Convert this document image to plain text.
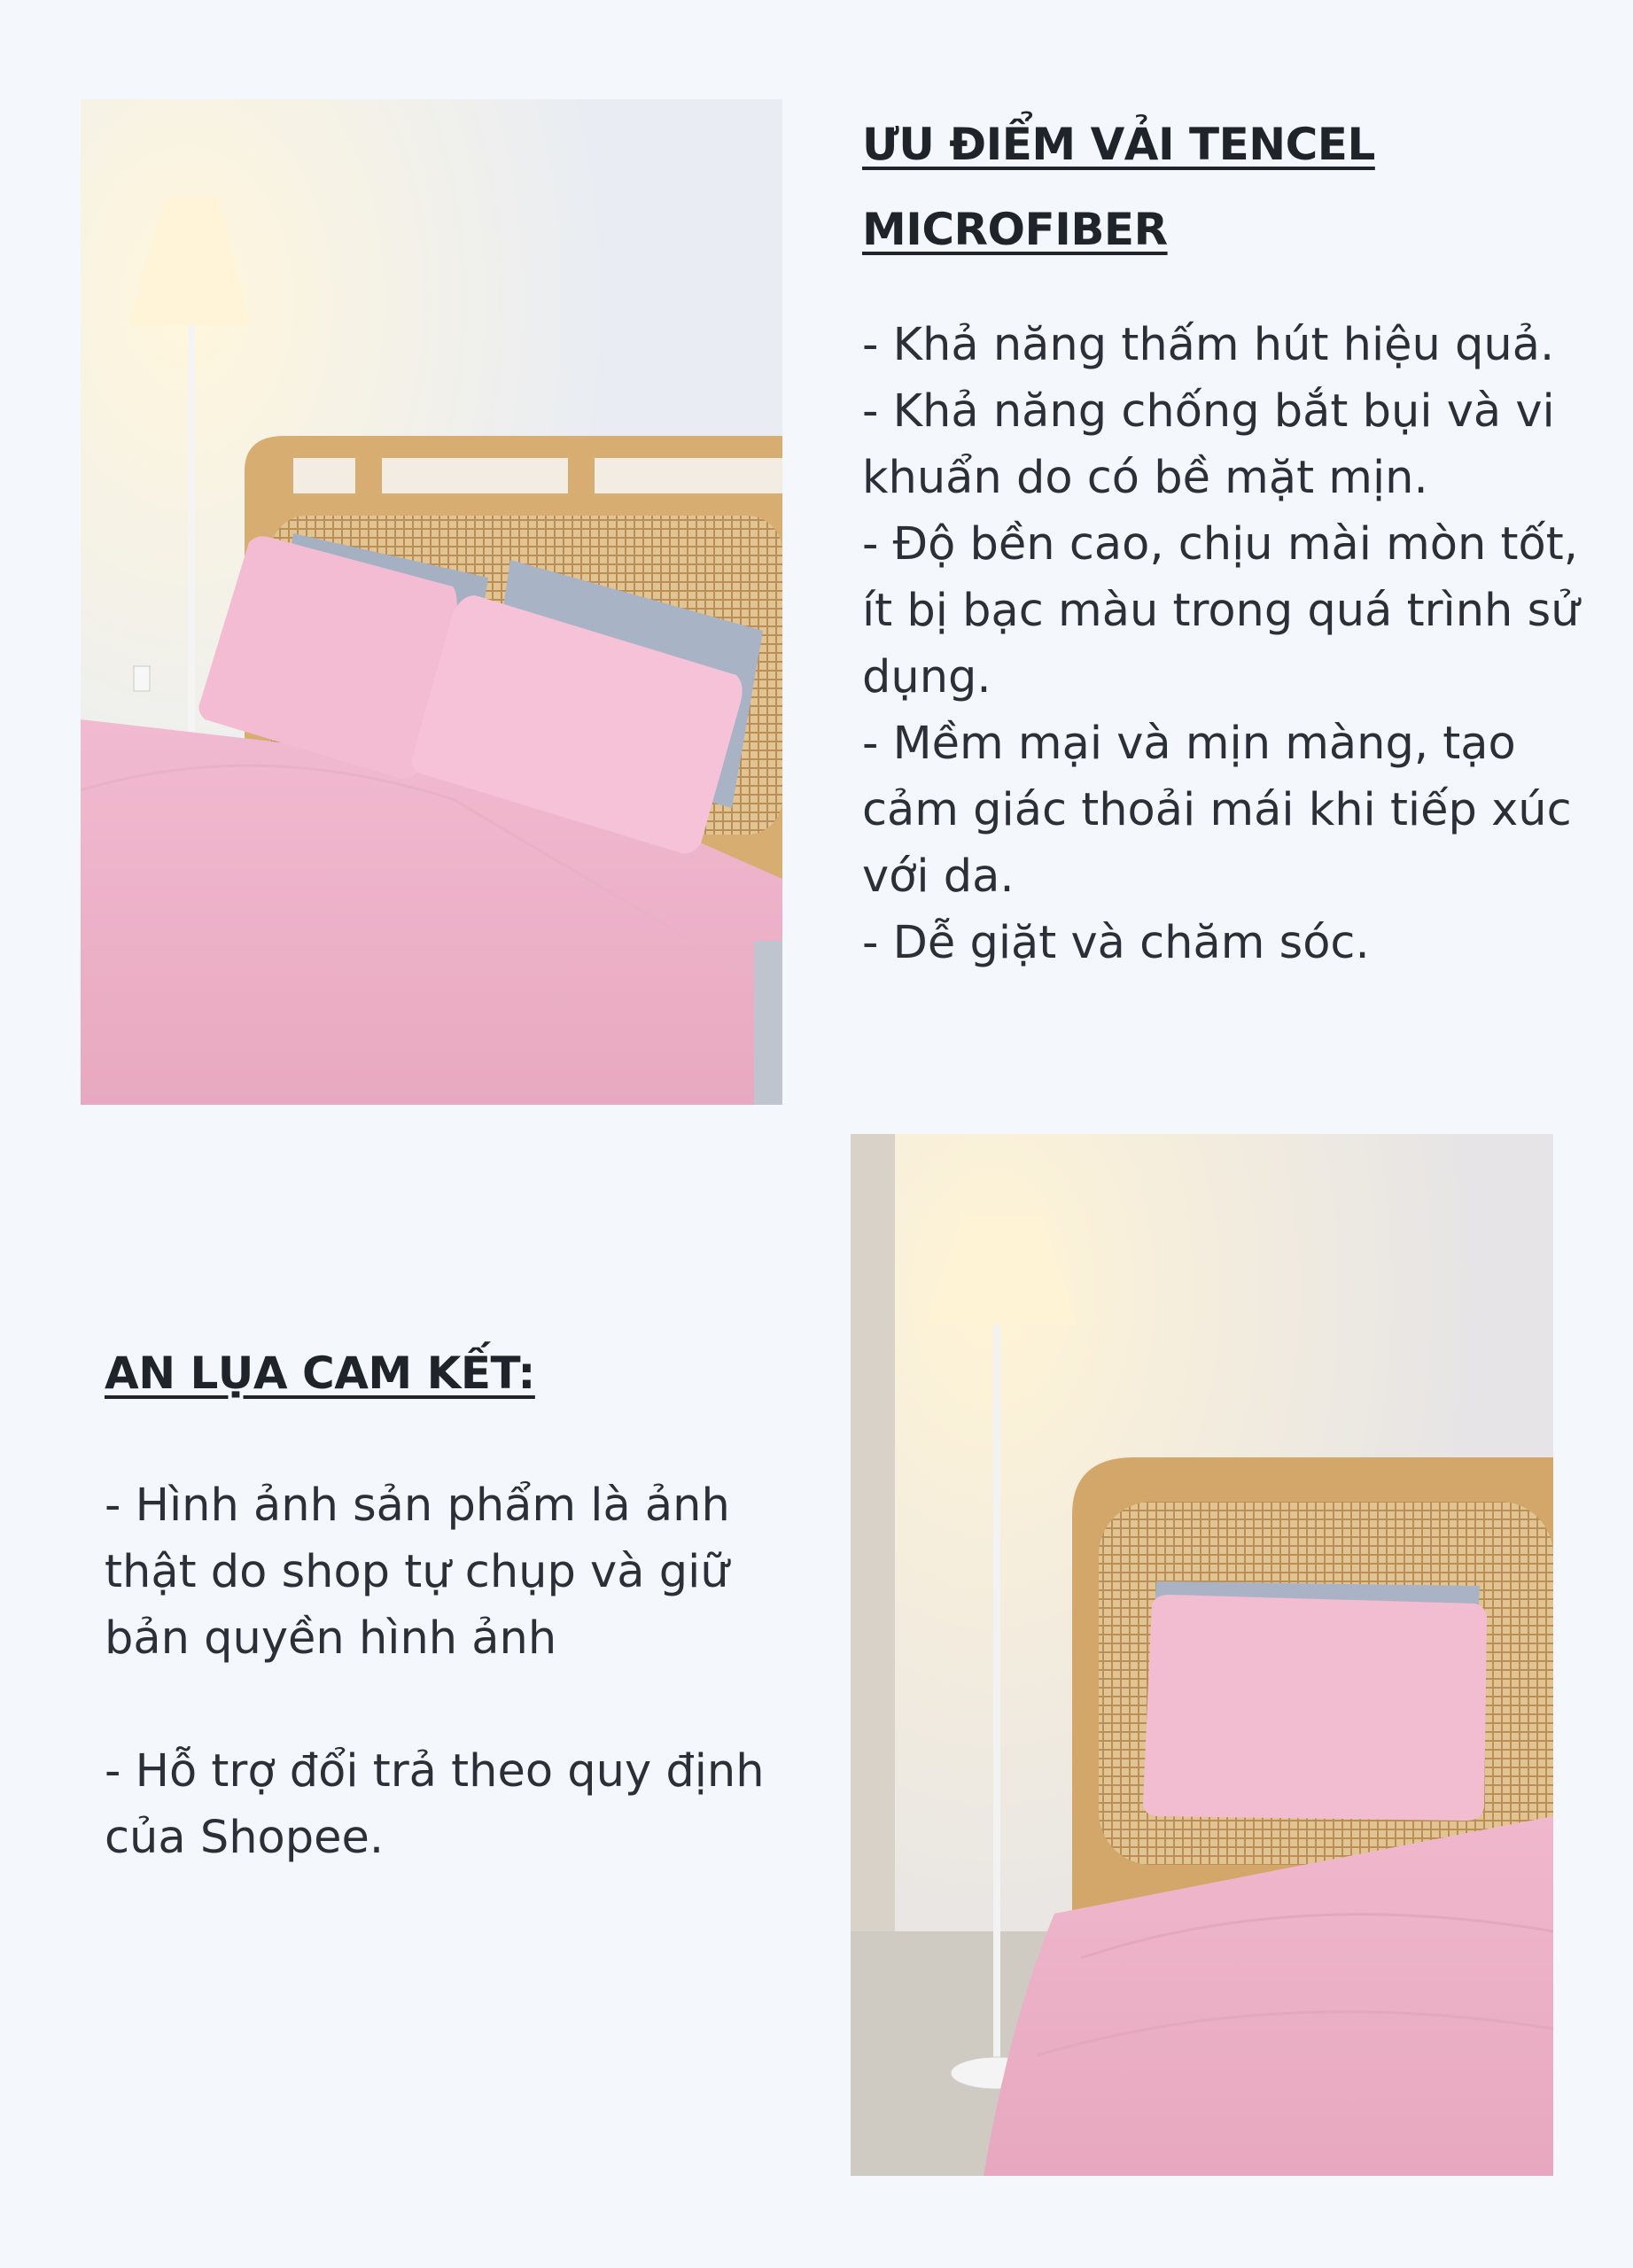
ƯU ĐIỂM VẢI TENCEL
MICROFIBER

- Khả năng thấm hút hiệu quả.

- Khả năng chống bắt bụi và vi khuẩn do có bề mặt mịn.

- Độ bền cao, chịu mài mòn tốt, ít bị bạc màu trong quá trình sử dụng.

- Mềm mại và mịn màng, tạo cảm giác thoải mái khi tiếp xúc với da.

- Dễ giặt và chăm sóc.

AN LỤA CAM KẾT:

- Hình ảnh sản phẩm là ảnh thật do shop tự chụp và giữ bản quyền hình ảnh

- Hỗ trợ đổi trả theo quy định của Shopee.
